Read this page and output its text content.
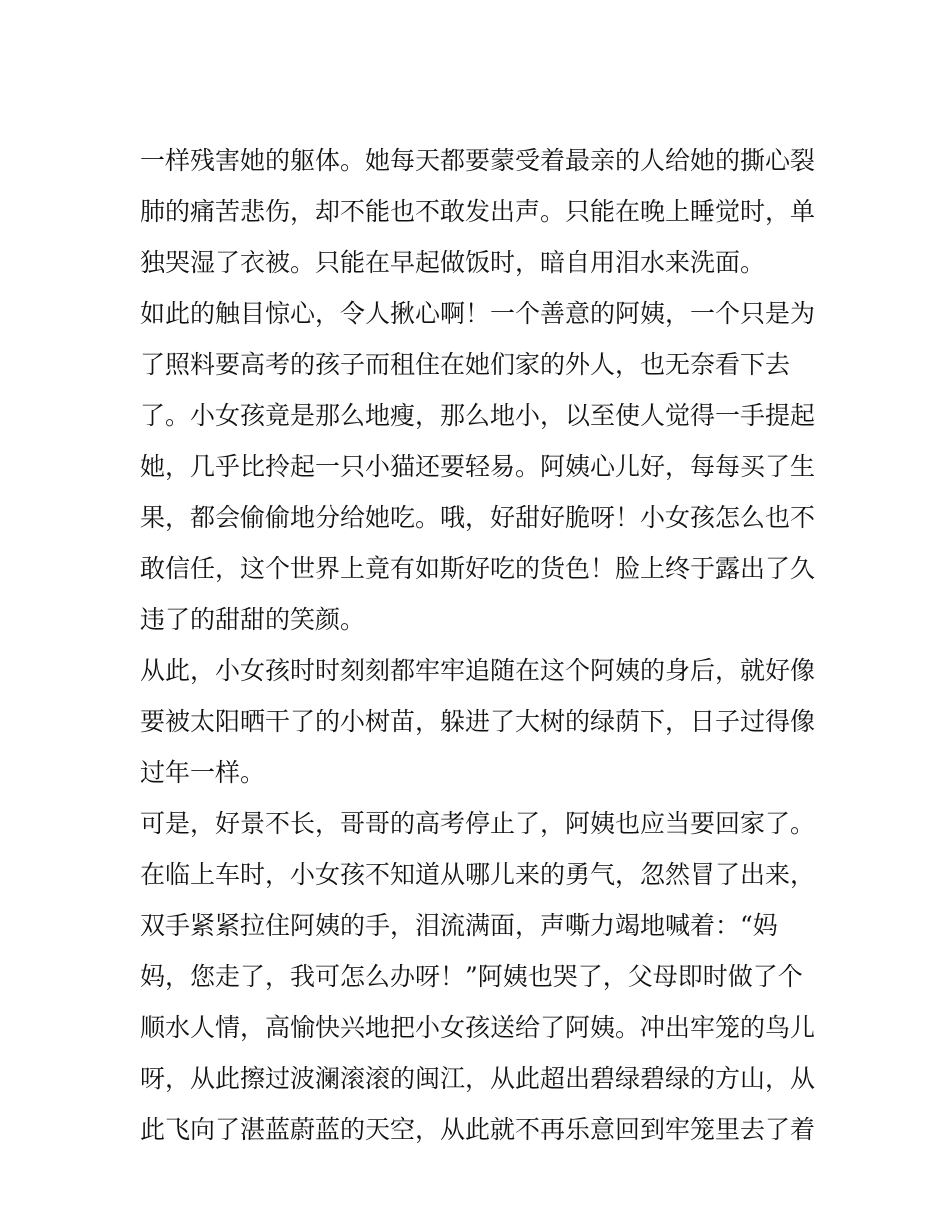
一样残害她的躯体。她每天都要蒙受着最亲的人给她的撕心裂
肺的痛苦悲伤，却不能也不敢发出声。只能在晚上睡觉时，单
独哭湿了衣被。只能在早起做饭时，暗自用泪水来洗面。
如此的触目惊心，令人揪心啊！一个善意的阿姨，一个只是为
了照料要高考的孩子而租住在她们家的外人，也无奈看下去
了。小女孩竟是那么地瘦，那么地小，以至使人觉得一手提起
她，几乎比拎起一只小猫还要轻易。阿姨心儿好，每每买了生
果，都会偷偷地分给她吃。哦，好甜好脆呀！小女孩怎么也不
敢信任，这个世界上竟有如斯好吃的货色！脸上终于露出了久
违了的甜甜的笑颜。
从此，小女孩时时刻刻都牢牢追随在这个阿姨的身后，就好像
要被太阳晒干了的小树苗，躲进了大树的绿荫下，日子过得像
过年一样。
可是，好景不长，哥哥的高考停止了，阿姨也应当要回家了。
在临上车时，小女孩不知道从哪儿来的勇气，忽然冒了出来，
双手紧紧拉住阿姨的手，泪流满面，声嘶力竭地喊着：“妈
妈，您走了，我可怎么办呀！”阿姨也哭了，父母即时做了个
顺水人情，高愉快兴地把小女孩送给了阿姨。冲出牢笼的鸟儿
呀，从此擦过波澜滚滚的闽江，从此超出碧绿碧绿的方山，从
此飞向了湛蓝蔚蓝的天空，从此就不再乐意回到牢笼里去了着
